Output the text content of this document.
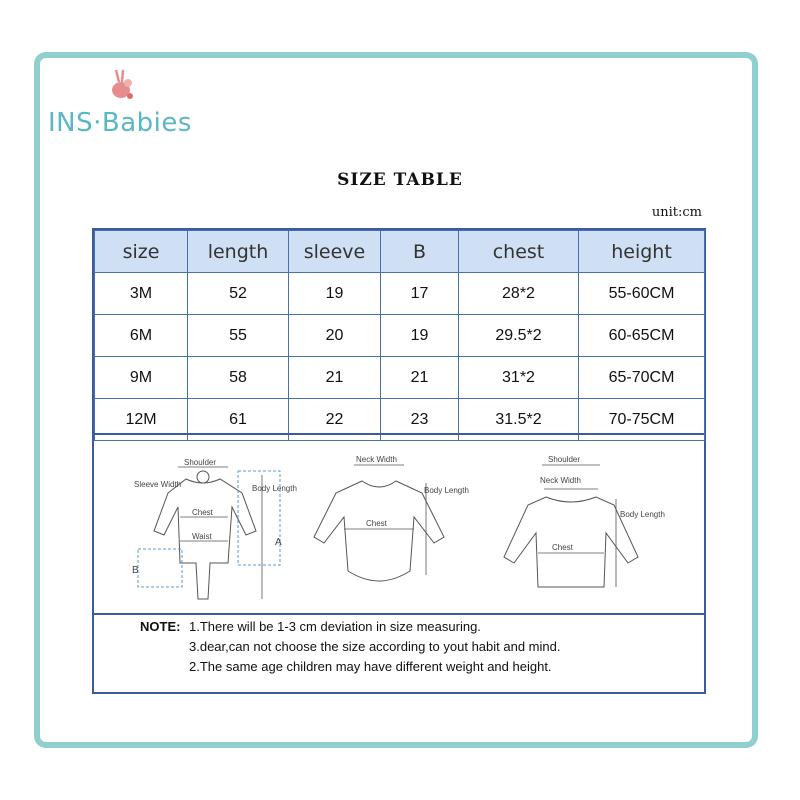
INS·Babies
SIZE TABLE
unit:cm
size	length	sleeve	B	chest	height
3M	52	19	17	28*2	55-60CM
6M	55	20	19	29.5*2	60-65CM
9M	58	21	21	31*2	65-70CM
12M	61	22	23	31.5*2	70-75CM
Shoulder
Sleeve Width	Body Length
Chest
Waist
A
B
Neck Width
Chest
Body Length
Shoulder
Neck Width
Chest
Body Length
NOTE: 1.There will be 1-3 cm deviation in size measuring.
3.dear,can not choose the size according to yout habit and mind.
2.The same age children may have different weight and height.
